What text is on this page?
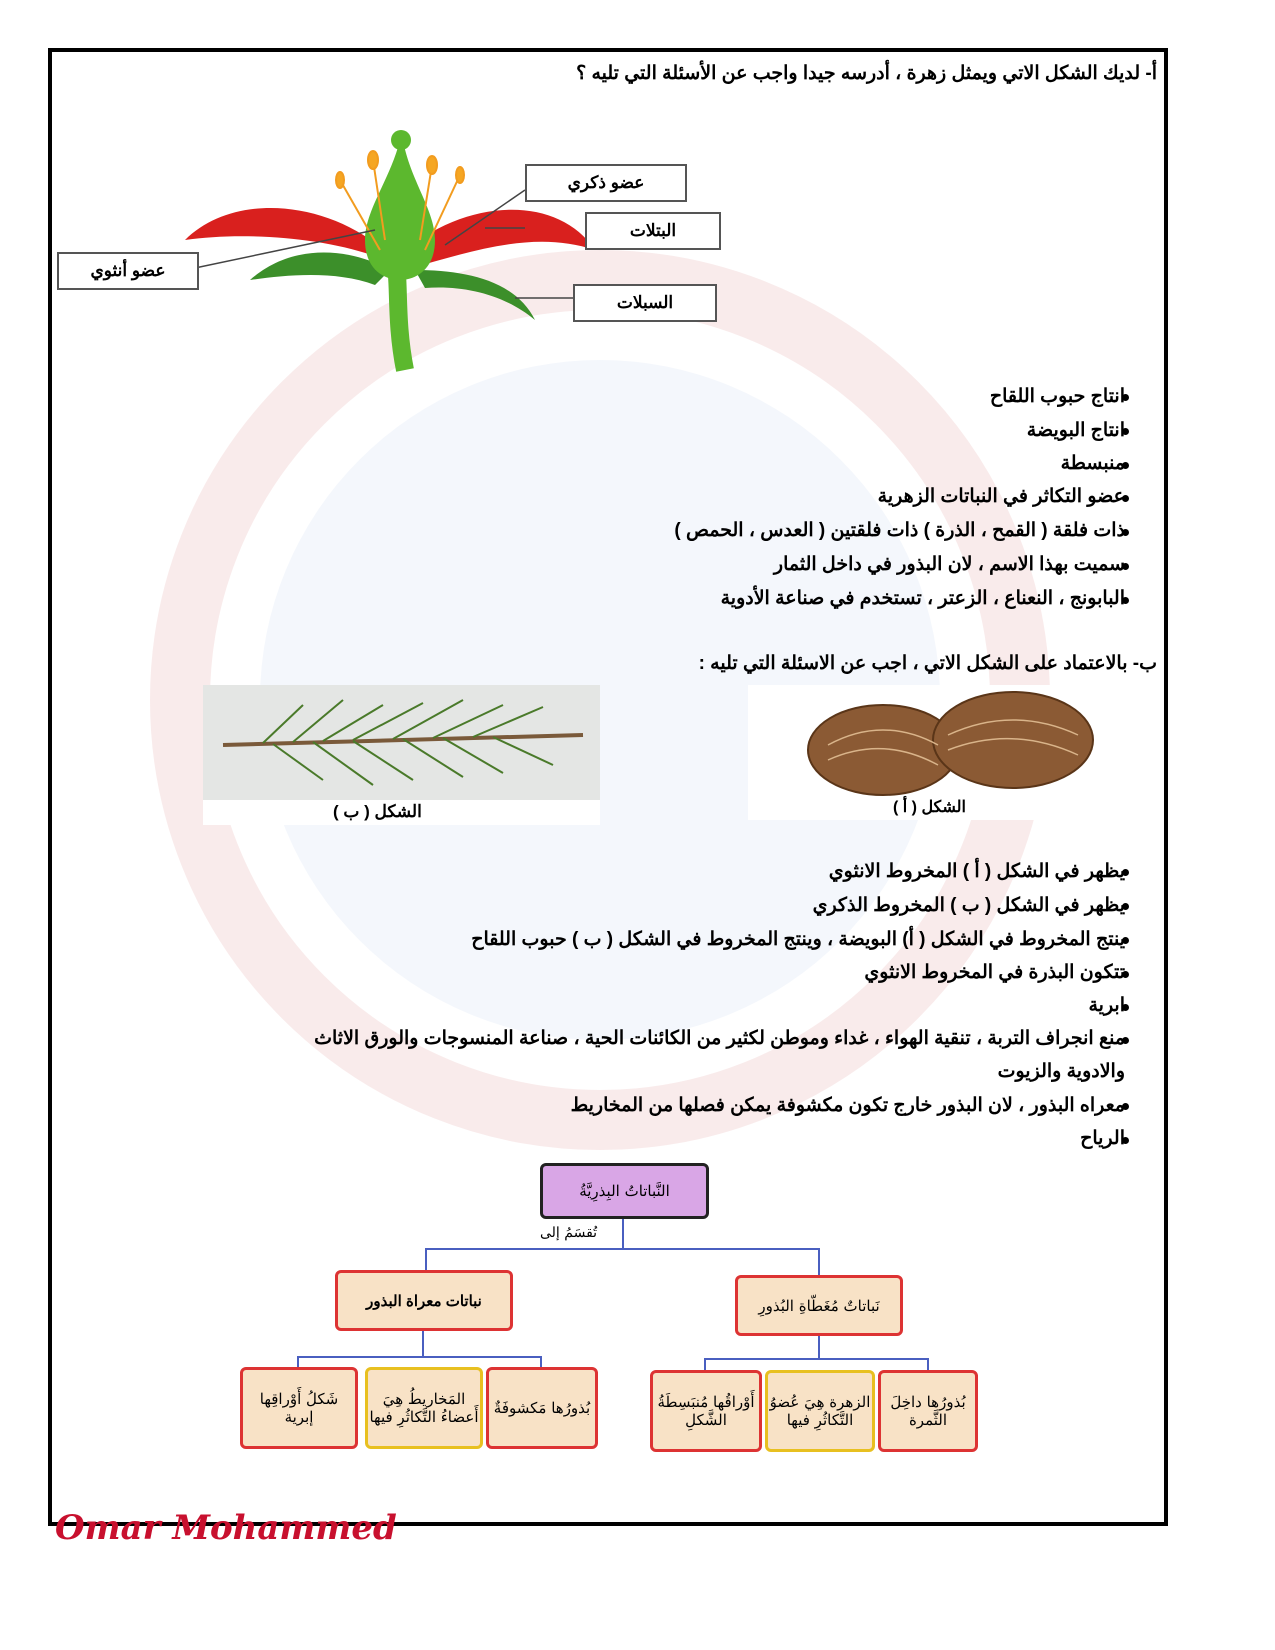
أ- لديك الشكل الاتي ويمثل زهرة ، أدرسه جيدا واجب عن الأسئلة التي تليه ؟
عضو ذكري
البتلات
عضو أنثوي
السبلات
انتاج حبوب اللقاح
انتاج البويضة
منبسطة
عضو التكاثر في النباتات الزهرية
ذات فلقة ( القمح ، الذرة ) ذات فلقتين ( العدس ، الحمص )
سميت بهذا الاسم ، لان البذور في داخل الثمار
البابونج ، النعناع ، الزعتر ، تستخدم في صناعة الأدوية
ب- بالاعتماد على الشكل الاتي ، اجب عن الاسئلة التي تليه :
الشكل ( ب )	الشكل ( أ )
يظهر في الشكل ( أ ) المخروط الانثوي
يظهر في الشكل ( ب ) المخروط الذكري
ينتج المخروط في الشكل ( أ) البويضة ، وينتج المخروط في الشكل ( ب ) حبوب اللقاح
تتكون البذرة في المخروط الانثوي
ابرية
منع انجراف التربة ، تنقية الهواء ، غداء وموطن لكثير من الكائنات الحية ، صناعة المنسوجات والورق الاثاث
والادوية والزيوت
معراه البذور ، لان البذور خارج تكون مكشوفة يمكن فصلها من المخاريط
الرياح
النَّباتاتُ البِذرِيَّةُ
تُقسَمُ إلى
نباتات معراة البذور	نَباتاتٌ مُغَطّاةِ البُذورِ
بُذورُها مَكشوفَةٌ
المَخاريطُ هِيَ أَعضاءُ التَّكاثُرِ فيها
شَكلُ أَوْراقِها إبرية
بُذورُها داخِلَ الثَّمرة
الزهرة هِيَ عُضوُ التَّكاثُرِ فيها
أَوْراقُها مُنبَسِطَةُ الشَّكلِ
Omar Mohammed
